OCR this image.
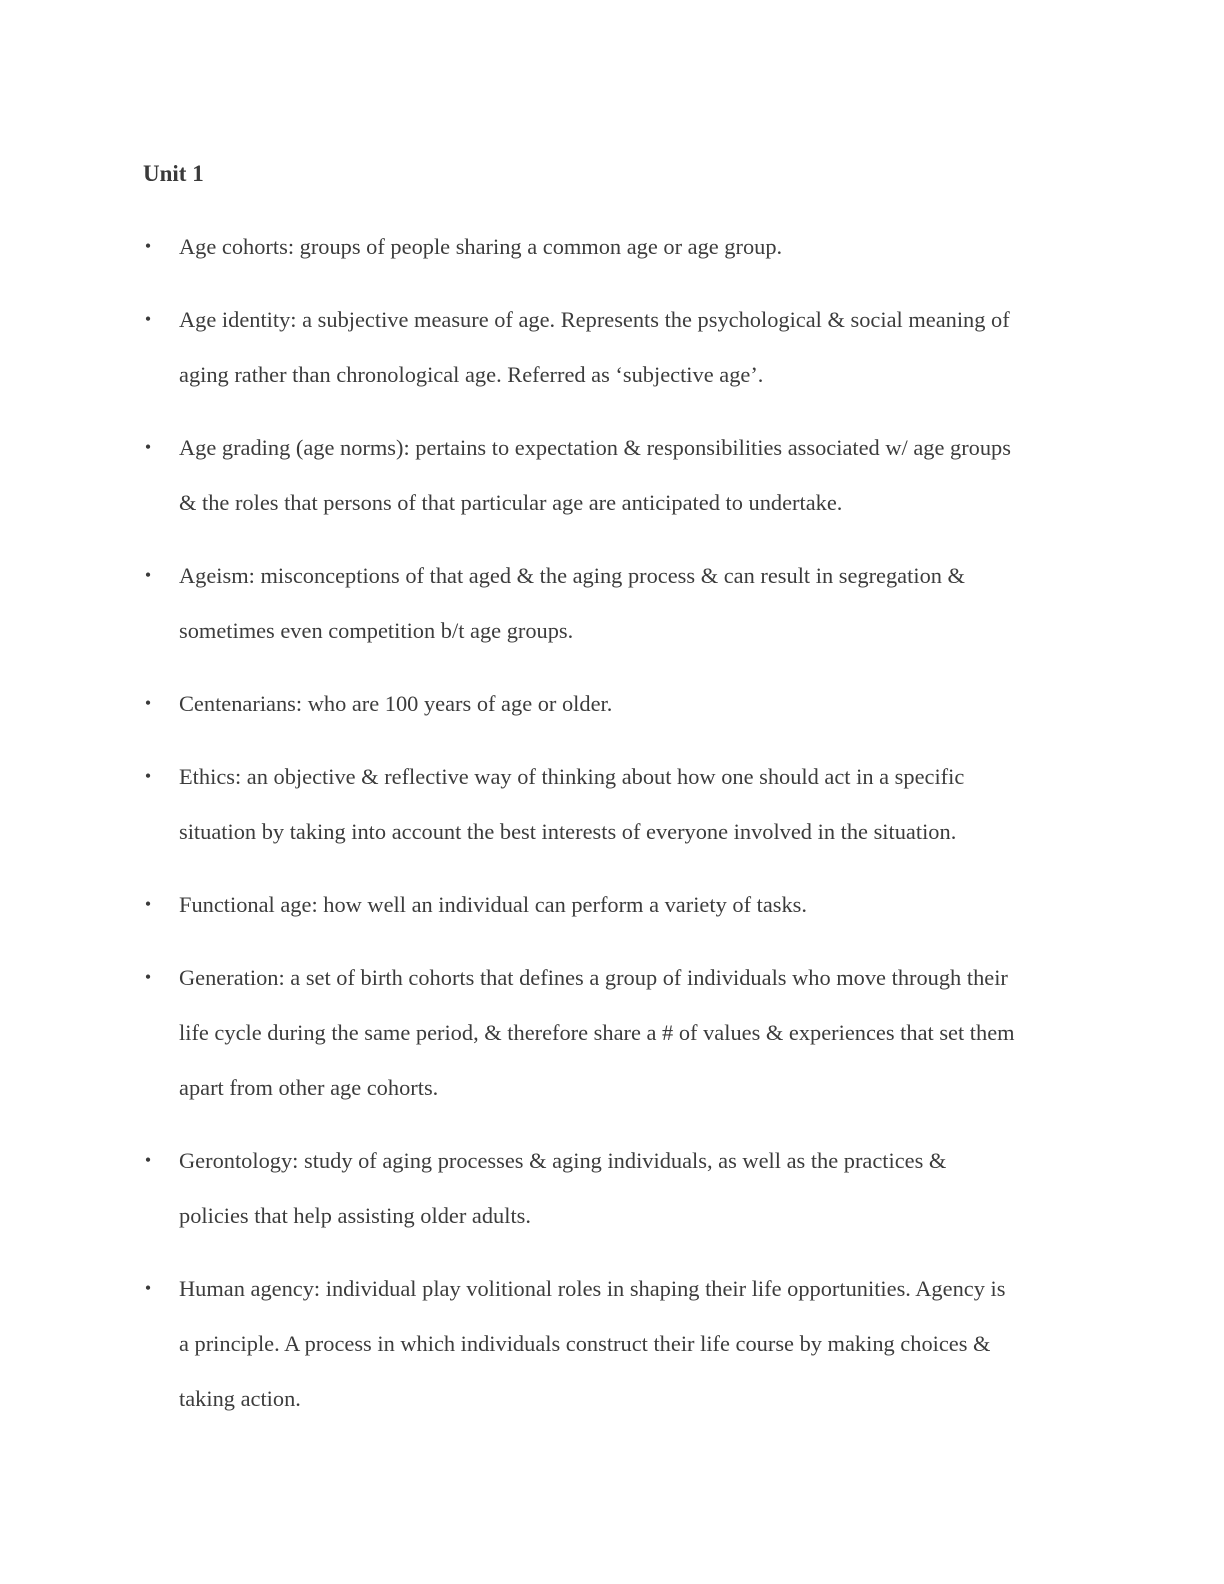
Unit 1
• Age cohorts: groups of people sharing a common age or age group.
• Age identity: a subjective measure of age. Represents the psychological & social meaning of
aging rather than chronological age. Referred as ‘subjective age’.
• Age grading (age norms): pertains to expectation & responsibilities associated w/ age groups
& the roles that persons of that particular age are anticipated to undertake.
• Ageism: misconceptions of that aged & the aging process & can result in segregation &
sometimes even competition b/t age groups.
• Centenarians: who are 100 years of age or older.
• Ethics: an objective & reflective way of thinking about how one should act in a specific
situation by taking into account the best interests of everyone involved in the situation.
• Functional age: how well an individual can perform a variety of tasks.
• Generation: a set of birth cohorts that defines a group of individuals who move through their
life cycle during the same period, & therefore share a # of values & experiences that set them
apart from other age cohorts.
• Gerontology: study of aging processes & aging individuals, as well as the practices &
policies that help assisting older adults.
• Human agency: individual play volitional roles in shaping their life opportunities. Agency is
a principle. A process in which individuals construct their life course by making choices &
taking action.
